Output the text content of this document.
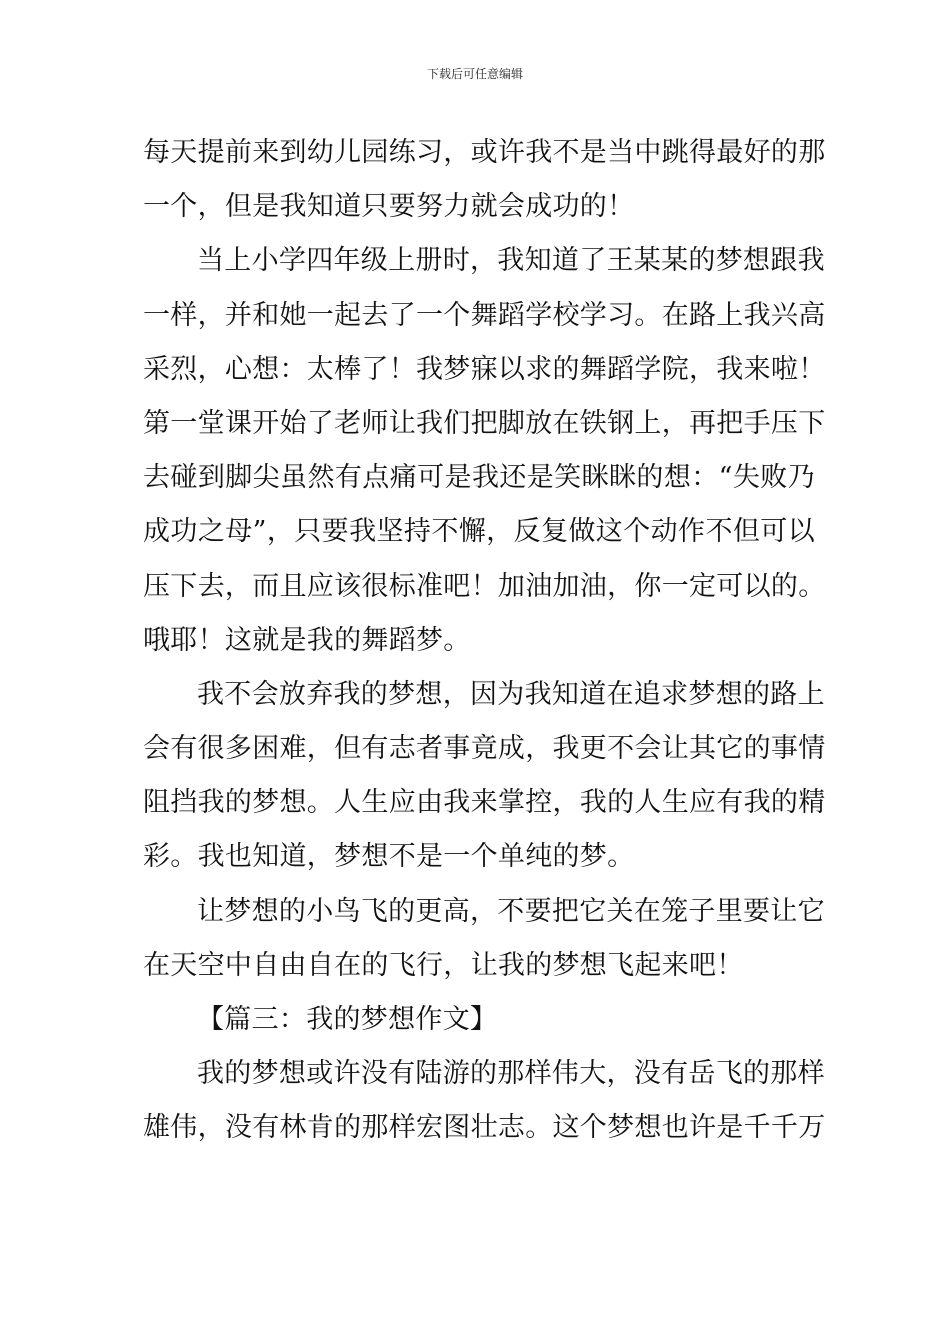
下载后可任意编辑
每天提前来到幼儿园练习，或许我不是当中跳得最好的那
一个，但是我知道只要努力就会成功的！
当上小学四年级上册时，我知道了王某某的梦想跟我
一样，并和她一起去了一个舞蹈学校学习。在路上我兴高
采烈，心想：太棒了！我梦寐以求的舞蹈学院，我来啦！
第一堂课开始了老师让我们把脚放在铁钢上，再把手压下
去碰到脚尖虽然有点痛可是我还是笑眯眯的想：“失败乃
成功之母”，只要我坚持不懈，反复做这个动作不但可以
压下去，而且应该很标准吧！加油加油，你一定可以的。
哦耶！这就是我的舞蹈梦。
我不会放弃我的梦想，因为我知道在追求梦想的路上
会有很多困难，但有志者事竟成，我更不会让其它的事情
阻挡我的梦想。人生应由我来掌控，我的人生应有我的精
彩。我也知道，梦想不是一个单纯的梦。
让梦想的小鸟飞的更高，不要把它关在笼子里要让它
在天空中自由自在的飞行，让我的梦想飞起来吧！
【篇三：我的梦想作文】
我的梦想或许没有陆游的那样伟大，没有岳飞的那样
雄伟，没有林肯的那样宏图壮志。这个梦想也许是千千万
